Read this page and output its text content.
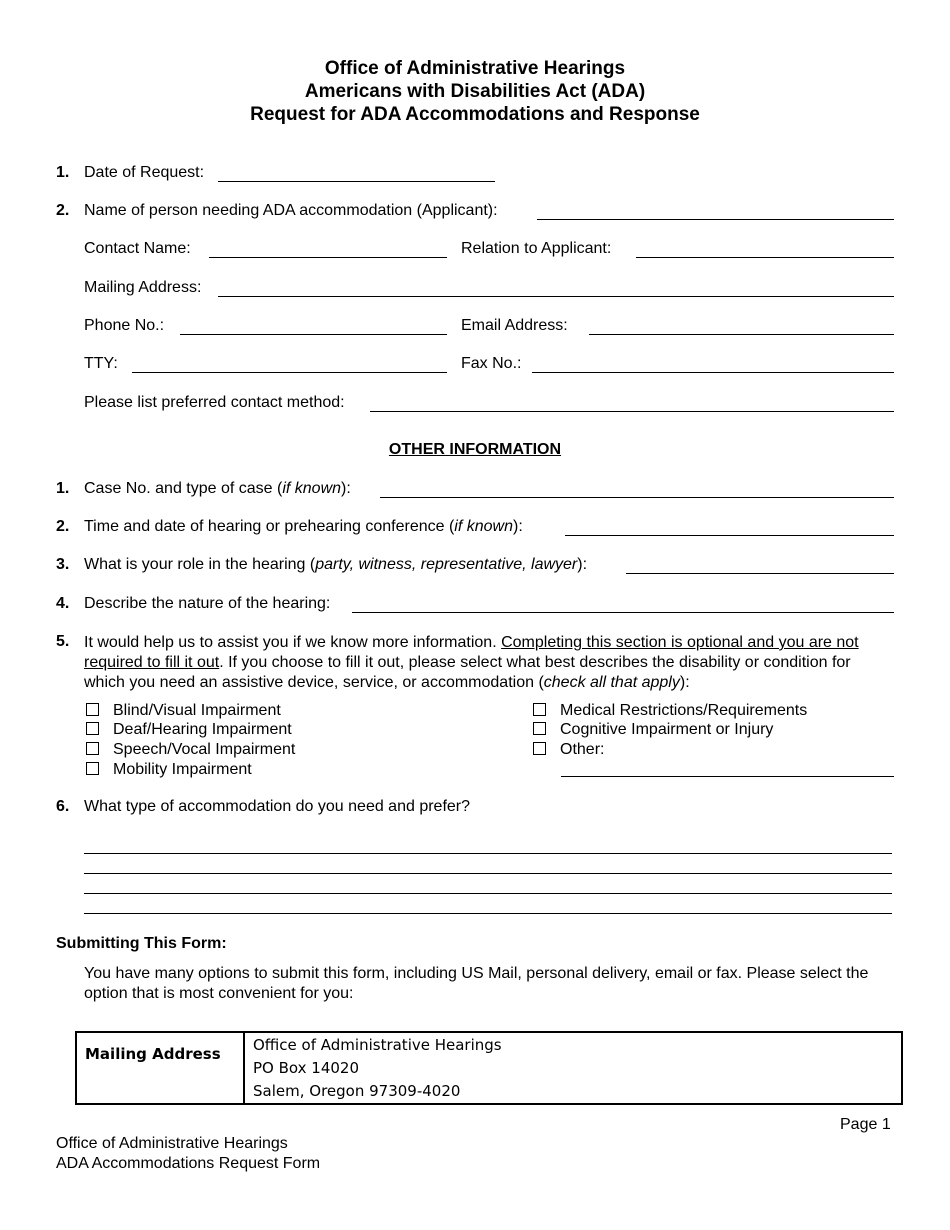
Office of Administrative Hearings
Americans with Disabilities Act (ADA)
Request for ADA Accommodations and Response
1. Date of Request:
2. Name of person needing ADA accommodation (Applicant):
Contact Name:	Relation to Applicant:
Mailing Address:
Phone No.:	Email Address:
TTY:	Fax No.:
Please list preferred contact method:
OTHER INFORMATION
1. Case No. and type of case (if known):
2. Time and date of hearing or prehearing conference (if known):
3. What is your role in the hearing (party, witness, representative, lawyer):
4. Describe the nature of the hearing:
5. It would help us to assist you if we know more information. Completing this section is optional and you are not required to fill it out. If you choose to fill it out, please select what best describes the disability or condition for which you need an assistive device, service, or accommodation (check all that apply):
Blind/Visual Impairment
Deaf/Hearing Impairment
Speech/Vocal Impairment
Mobility Impairment
Medical Restrictions/Requirements
Cognitive Impairment or Injury
Other:
6. What type of accommodation do you need and prefer?
Submitting This Form:
You have many options to submit this form, including US Mail, personal delivery, email or fax. Please select the option that is most convenient for you:
Mailing Address	Office of Administrative Hearings
PO Box 14020
Salem, Oregon 97309-4020
Page 1
Office of Administrative Hearings
ADA Accommodations Request Form
